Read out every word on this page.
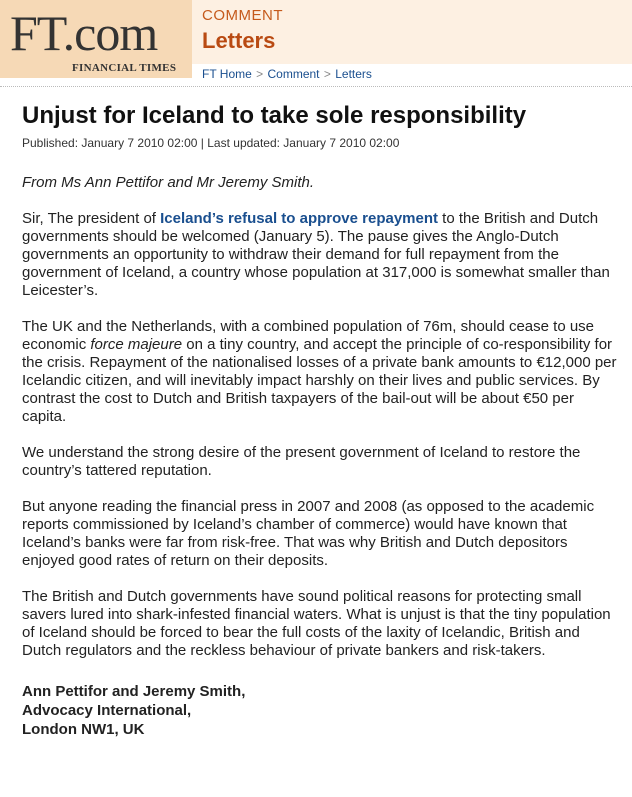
FT.com
FINANCIAL TIMES
COMMENT
Letters
FT Home > Comment > Letters
Unjust for Iceland to take sole responsibility
Published: January 7 2010 02:00 | Last updated: January 7 2010 02:00
From Ms Ann Pettifor and Mr Jeremy Smith.

Sir, The president of Iceland’s refusal to approve repayment to the British and Dutch governments should be welcomed (January 5). The pause gives the Anglo-Dutch governments an opportunity to withdraw their demand for full repayment from the government of Iceland, a country whose population at 317,000 is somewhat smaller than Leicester’s.

The UK and the Netherlands, with a combined population of 76m, should cease to use economic force majeure on a tiny country, and accept the principle of co-responsibility for the crisis. Repayment of the nationalised losses of a private bank amounts to €12,000 per Icelandic citizen, and will inevitably impact harshly on their lives and public services. By contrast the cost to Dutch and British taxpayers of the bail-out will be about €50 per capita.

We understand the strong desire of the present government of Iceland to restore the country’s tattered reputation.

But anyone reading the financial press in 2007 and 2008 (as opposed to the academic reports commissioned by Iceland’s chamber of commerce) would have known that Iceland’s banks were far from risk-free. That was why British and Dutch depositors enjoyed good rates of return on their deposits.

The British and Dutch governments have sound political reasons for protecting small savers lured into shark-infested financial waters. What is unjust is that the tiny population of Iceland should be forced to bear the full costs of the laxity of Icelandic, British and Dutch regulators and the reckless behaviour of private bankers and risk-takers.

Ann Pettifor and Jeremy Smith,
Advocacy International,
London NW1, UK
